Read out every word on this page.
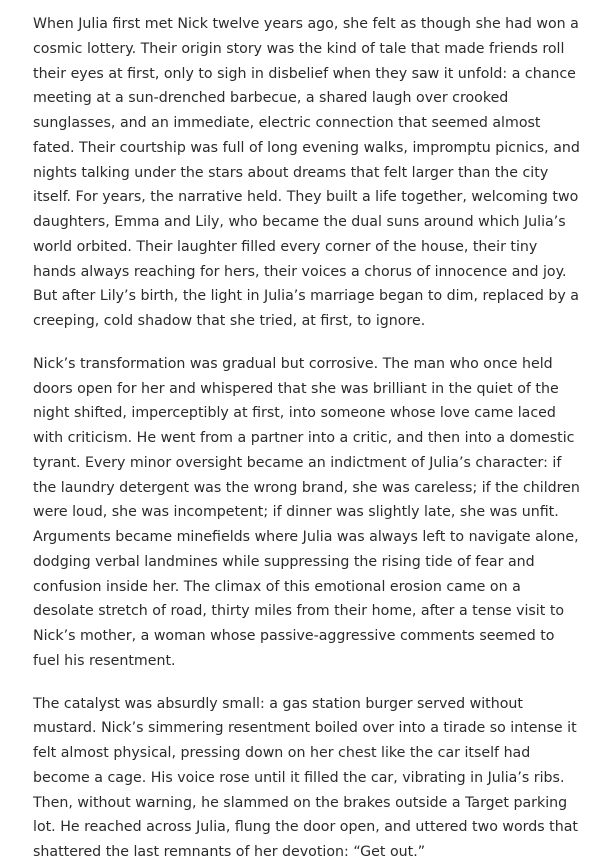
When Julia first met Nick twelve years ago, she felt as though she had won a cosmic lottery. Their origin story was the kind of tale that made friends roll their eyes at first, only to sigh in disbelief when they saw it unfold: a chance meeting at a sun-drenched barbecue, a shared laugh over crooked sunglasses, and an immediate, electric connection that seemed almost fated. Their courtship was full of long evening walks, impromptu picnics, and nights talking under the stars about dreams that felt larger than the city itself. For years, the narrative held. They built a life together, welcoming two daughters, Emma and Lily, who became the dual suns around which Julia’s world orbited. Their laughter filled every corner of the house, their tiny hands always reaching for hers, their voices a chorus of innocence and joy. But after Lily’s birth, the light in Julia’s marriage began to dim, replaced by a creeping, cold shadow that she tried, at first, to ignore.

Nick’s transformation was gradual but corrosive. The man who once held doors open for her and whispered that she was brilliant in the quiet of the night shifted, imperceptibly at first, into someone whose love came laced with criticism. He went from a partner into a critic, and then into a domestic tyrant. Every minor oversight became an indictment of Julia’s character: if the laundry detergent was the wrong brand, she was careless; if the children were loud, she was incompetent; if dinner was slightly late, she was unfit. Arguments became minefields where Julia was always left to navigate alone, dodging verbal landmines while suppressing the rising tide of fear and confusion inside her. The climax of this emotional erosion came on a desolate stretch of road, thirty miles from their home, after a tense visit to Nick’s mother, a woman whose passive-aggressive comments seemed to fuel his resentment.

The catalyst was absurdly small: a gas station burger served without mustard. Nick’s simmering resentment boiled over into a tirade so intense it felt almost physical, pressing down on her chest like the car itself had become a cage. His voice rose until it filled the car, vibrating in Julia’s ribs. Then, without warning, he slammed on the brakes outside a Target parking lot. He reached across Julia, flung the door open, and uttered two words that shattered the last remnants of her devotion: “Get out.”
